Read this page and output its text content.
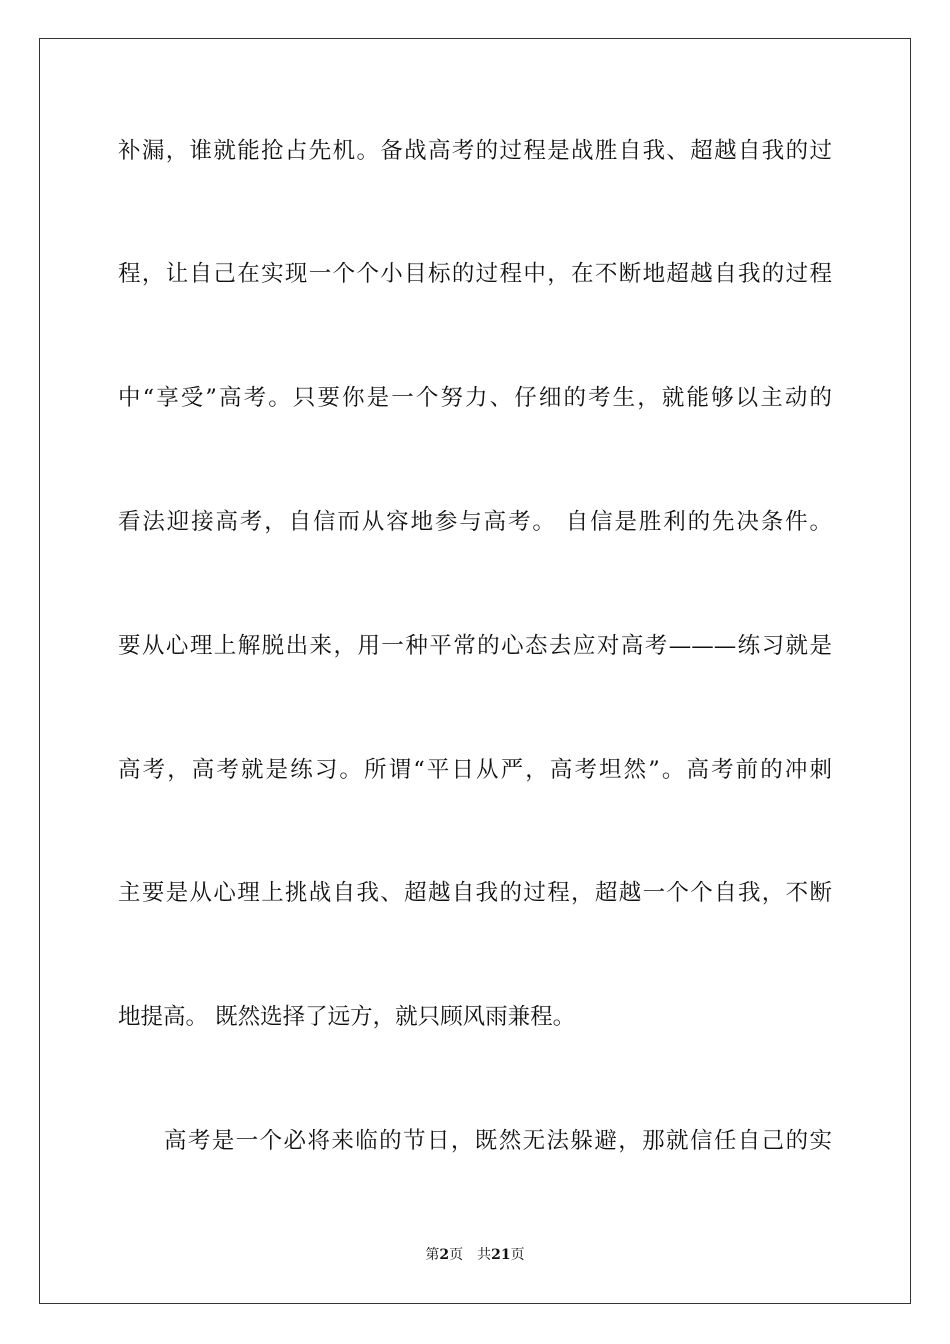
补漏，谁就能抢占先机。备战高考的过程是战胜自我、超越自我的过
程，让自己在实现一个个小目标的过程中，在不断地超越自我的过程
中“享受”高考。只要你是一个努力、仔细的考生，就能够以主动的
看法迎接高考，自信而从容地参与高考。 自信是胜利的先决条件。
要从心理上解脱出来，用一种平常的心态去应对高考———练习就是
高考，高考就是练习。所谓“平日从严，高考坦然”。高考前的冲刺
主要是从心理上挑战自我、超越自我的过程，超越一个个自我，不断
地提高。 既然选择了远方，就只顾风雨兼程。
高考是一个必将来临的节日，既然无法躲避，那就信任自己的实
第2页 共21页
